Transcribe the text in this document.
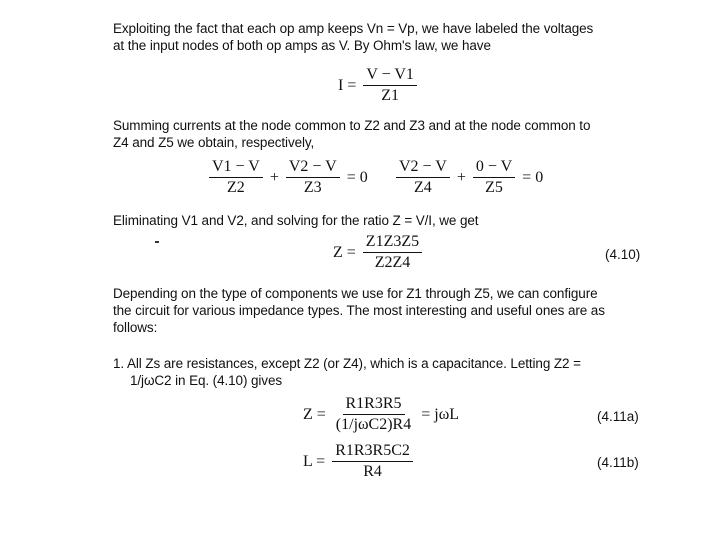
Exploiting the fact that each op amp keeps Vn = Vp, we have labeled the voltages
at the input nodes of both op amps as V. By Ohm's law, we have
$I = \frac{V - V1}{Z1}$
Summing currents at the node common to Z2 and Z3 and at the node common to
Z4 and Z5 we obtain, respectively,
$\frac{V1 - V}{Z2} + \frac{V2 - V}{Z3} = 0 \frac{V2 - V}{Z4} + \frac{0 - V}{Z5} = 0$
Eliminating V1 and V2, and solving for the ratio Z = V/I, we get
$Z = \frac{Z1Z3Z5}{Z2Z4}$	(4.10)
Depending on the type of components we use for Z1 through Z5, we can configure
the circuit for various impedance types. The most interesting and useful ones are as
follows:
1. All Zs are resistances, except Z2 (or Z4), which is a capacitance. Letting Z2 =
1/jωC2 in Eq. (4.10) gives
$Z = \frac{R1R3R5}{\text{(1/jωC2)R4}} = j\omega L$	(4.11a)
$L = \frac{R1R3R5C2}{R4}$	(4.11b)
